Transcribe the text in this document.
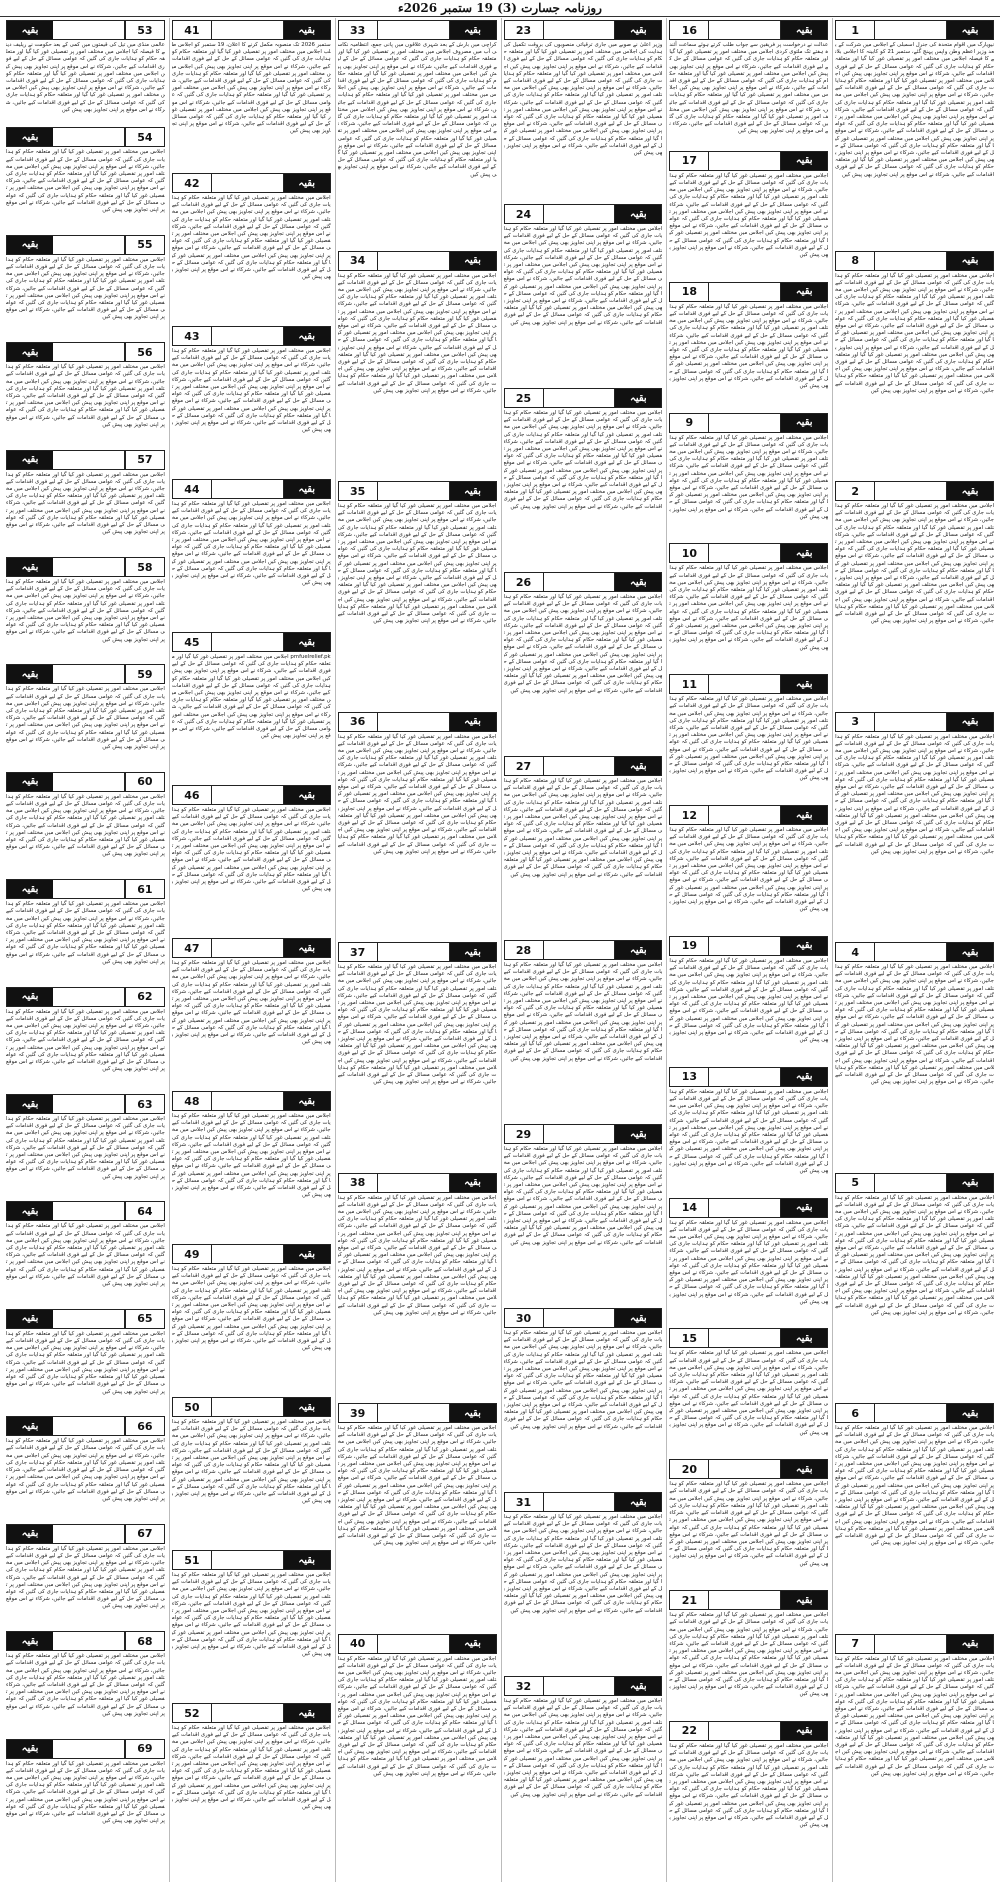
روزنامہ جسارت (3) 19 ستمبر 2026ء
بقیہ
1
نیویارک میں اقوام متحدہ کی جنرل اسمبلی کے اجلاس میں شرکت کے بعد وزیر اعظم وطن واپس پہنچ گئے، ستمبر 21 کو کابینہ کا اجلاس بلانے کا فیصلہ اجلاس میں مختلف امور پر تفصیلی غور کیا گیا اور متعلقہ حکام کو ہدایات جاری کی گئیں کہ عوامی مسائل کے حل کے لیے فوری اقدامات کیے جائیں، شرکاء نے اس موقع پر اپنی تجاویز بھی پیش کیں اجلاس میں مختلف امور پر تفصیلی غور کیا گیا اور متعلقہ حکام کو ہدایات جاری کی گئیں کہ عوامی مسائل کے حل کے لیے فوری اقدامات کیے جائیں، شرکاء نے اس موقع پر اپنی تجاویز بھی پیش کیں اجلاس میں مختلف امور پر تفصیلی غور کیا گیا اور متعلقہ حکام کو ہدایات جاری کی گئیں کہ عوامی مسائل کے حل کے لیے فوری اقدامات کیے جائیں، شرکاء نے اس موقع پر اپنی تجاویز بھی پیش کیں اجلاس میں مختلف امور پر تفصیلی غور کیا گیا اور متعلقہ حکام کو ہدایات جاری کی گئیں کہ عوامی مسائل کے حل کے لیے فوری اقدامات کیے جائیں، شرکاء نے اس موقع پر اپنی تجاویز بھی پیش کیں اجلاس میں مختلف امور پر تفصیلی غور کیا گیا اور متعلقہ حکام کو ہدایات جاری کی گئیں کہ عوامی مسائل کے حل کے لیے فوری اقدامات کیے جائیں، شرکاء نے اس موقع پر اپنی تجاویز بھی پیش کیں اجلاس میں مختلف امور پر تفصیلی غور کیا گیا اور متعلقہ حکام کو ہدایات جاری کی گئیں کہ عوامی مسائل کے حل کے لیے فوری اقدامات کیے جائیں، شرکاء نے اس موقع پر اپنی تجاویز بھی پیش کیں
بقیہ
8
اجلاس میں مختلف امور پر تفصیلی غور کیا گیا اور متعلقہ حکام کو ہدایات جاری کی گئیں کہ عوامی مسائل کے حل کے لیے فوری اقدامات کیے جائیں، شرکاء نے اس موقع پر اپنی تجاویز بھی پیش کیں اجلاس میں مختلف امور پر تفصیلی غور کیا گیا اور متعلقہ حکام کو ہدایات جاری کی گئیں کہ عوامی مسائل کے حل کے لیے فوری اقدامات کیے جائیں، شرکاء نے اس موقع پر اپنی تجاویز بھی پیش کیں اجلاس میں مختلف امور پر تفصیلی غور کیا گیا اور متعلقہ حکام کو ہدایات جاری کی گئیں کہ عوامی مسائل کے حل کے لیے فوری اقدامات کیے جائیں، شرکاء نے اس موقع پر اپنی تجاویز بھی پیش کیں اجلاس میں مختلف امور پر تفصیلی غور کیا گیا اور متعلقہ حکام کو ہدایات جاری کی گئیں کہ عوامی مسائل کے حل کے لیے فوری اقدامات کیے جائیں، شرکاء نے اس موقع پر اپنی تجاویز بھی پیش کیں اجلاس میں مختلف امور پر تفصیلی غور کیا گیا اور متعلقہ حکام کو ہدایات جاری کی گئیں کہ عوامی مسائل کے حل کے لیے فوری اقدامات کیے جائیں، شرکاء نے اس موقع پر اپنی تجاویز بھی پیش کیں اجلاس میں مختلف امور پر تفصیلی غور کیا گیا اور متعلقہ حکام کو ہدایات جاری کی گئیں کہ عوامی مسائل کے حل کے لیے فوری اقدامات کیے جائیں، شرکاء نے اس موقع پر اپنی تجاویز بھی پیش کیں
بقیہ
2
اجلاس میں مختلف امور پر تفصیلی غور کیا گیا اور متعلقہ حکام کو ہدایات جاری کی گئیں کہ عوامی مسائل کے حل کے لیے فوری اقدامات کیے جائیں، شرکاء نے اس موقع پر اپنی تجاویز بھی پیش کیں اجلاس میں مختلف امور پر تفصیلی غور کیا گیا اور متعلقہ حکام کو ہدایات جاری کی گئیں کہ عوامی مسائل کے حل کے لیے فوری اقدامات کیے جائیں، شرکاء نے اس موقع پر اپنی تجاویز بھی پیش کیں اجلاس میں مختلف امور پر تفصیلی غور کیا گیا اور متعلقہ حکام کو ہدایات جاری کی گئیں کہ عوامی مسائل کے حل کے لیے فوری اقدامات کیے جائیں، شرکاء نے اس موقع پر اپنی تجاویز بھی پیش کیں اجلاس میں مختلف امور پر تفصیلی غور کیا گیا اور متعلقہ حکام کو ہدایات جاری کی گئیں کہ عوامی مسائل کے حل کے لیے فوری اقدامات کیے جائیں، شرکاء نے اس موقع پر اپنی تجاویز بھی پیش کیں اجلاس میں مختلف امور پر تفصیلی غور کیا گیا اور متعلقہ حکام کو ہدایات جاری کی گئیں کہ عوامی مسائل کے حل کے لیے فوری اقدامات کیے جائیں، شرکاء نے اس موقع پر اپنی تجاویز بھی پیش کیں اجلاس میں مختلف امور پر تفصیلی غور کیا گیا اور متعلقہ حکام کو ہدایات جاری کی گئیں کہ عوامی مسائل کے حل کے لیے فوری اقدامات کیے جائیں، شرکاء نے اس موقع پر اپنی تجاویز بھی پیش کیں
بقیہ
3
اجلاس میں مختلف امور پر تفصیلی غور کیا گیا اور متعلقہ حکام کو ہدایات جاری کی گئیں کہ عوامی مسائل کے حل کے لیے فوری اقدامات کیے جائیں، شرکاء نے اس موقع پر اپنی تجاویز بھی پیش کیں اجلاس میں مختلف امور پر تفصیلی غور کیا گیا اور متعلقہ حکام کو ہدایات جاری کی گئیں کہ عوامی مسائل کے حل کے لیے فوری اقدامات کیے جائیں، شرکاء نے اس موقع پر اپنی تجاویز بھی پیش کیں اجلاس میں مختلف امور پر تفصیلی غور کیا گیا اور متعلقہ حکام کو ہدایات جاری کی گئیں کہ عوامی مسائل کے حل کے لیے فوری اقدامات کیے جائیں، شرکاء نے اس موقع پر اپنی تجاویز بھی پیش کیں اجلاس میں مختلف امور پر تفصیلی غور کیا گیا اور متعلقہ حکام کو ہدایات جاری کی گئیں کہ عوامی مسائل کے حل کے لیے فوری اقدامات کیے جائیں، شرکاء نے اس موقع پر اپنی تجاویز بھی پیش کیں اجلاس میں مختلف امور پر تفصیلی غور کیا گیا اور متعلقہ حکام کو ہدایات جاری کی گئیں کہ عوامی مسائل کے حل کے لیے فوری اقدامات کیے جائیں، شرکاء نے اس موقع پر اپنی تجاویز بھی پیش کیں اجلاس میں مختلف امور پر تفصیلی غور کیا گیا اور متعلقہ حکام کو ہدایات جاری کی گئیں کہ عوامی مسائل کے حل کے لیے فوری اقدامات کیے جائیں، شرکاء نے اس موقع پر اپنی تجاویز بھی پیش کیں
بقیہ
4
اجلاس میں مختلف امور پر تفصیلی غور کیا گیا اور متعلقہ حکام کو ہدایات جاری کی گئیں کہ عوامی مسائل کے حل کے لیے فوری اقدامات کیے جائیں، شرکاء نے اس موقع پر اپنی تجاویز بھی پیش کیں اجلاس میں مختلف امور پر تفصیلی غور کیا گیا اور متعلقہ حکام کو ہدایات جاری کی گئیں کہ عوامی مسائل کے حل کے لیے فوری اقدامات کیے جائیں، شرکاء نے اس موقع پر اپنی تجاویز بھی پیش کیں اجلاس میں مختلف امور پر تفصیلی غور کیا گیا اور متعلقہ حکام کو ہدایات جاری کی گئیں کہ عوامی مسائل کے حل کے لیے فوری اقدامات کیے جائیں، شرکاء نے اس موقع پر اپنی تجاویز بھی پیش کیں اجلاس میں مختلف امور پر تفصیلی غور کیا گیا اور متعلقہ حکام کو ہدایات جاری کی گئیں کہ عوامی مسائل کے حل کے لیے فوری اقدامات کیے جائیں، شرکاء نے اس موقع پر اپنی تجاویز بھی پیش کیں اجلاس میں مختلف امور پر تفصیلی غور کیا گیا اور متعلقہ حکام کو ہدایات جاری کی گئیں کہ عوامی مسائل کے حل کے لیے فوری اقدامات کیے جائیں، شرکاء نے اس موقع پر اپنی تجاویز بھی پیش کیں اجلاس میں مختلف امور پر تفصیلی غور کیا گیا اور متعلقہ حکام کو ہدایات جاری کی گئیں کہ عوامی مسائل کے حل کے لیے فوری اقدامات کیے جائیں، شرکاء نے اس موقع پر اپنی تجاویز بھی پیش کیں
بقیہ
5
اجلاس میں مختلف امور پر تفصیلی غور کیا گیا اور متعلقہ حکام کو ہدایات جاری کی گئیں کہ عوامی مسائل کے حل کے لیے فوری اقدامات کیے جائیں، شرکاء نے اس موقع پر اپنی تجاویز بھی پیش کیں اجلاس میں مختلف امور پر تفصیلی غور کیا گیا اور متعلقہ حکام کو ہدایات جاری کی گئیں کہ عوامی مسائل کے حل کے لیے فوری اقدامات کیے جائیں، شرکاء نے اس موقع پر اپنی تجاویز بھی پیش کیں اجلاس میں مختلف امور پر تفصیلی غور کیا گیا اور متعلقہ حکام کو ہدایات جاری کی گئیں کہ عوامی مسائل کے حل کے لیے فوری اقدامات کیے جائیں، شرکاء نے اس موقع پر اپنی تجاویز بھی پیش کیں اجلاس میں مختلف امور پر تفصیلی غور کیا گیا اور متعلقہ حکام کو ہدایات جاری کی گئیں کہ عوامی مسائل کے حل کے لیے فوری اقدامات کیے جائیں، شرکاء نے اس موقع پر اپنی تجاویز بھی پیش کیں اجلاس میں مختلف امور پر تفصیلی غور کیا گیا اور متعلقہ حکام کو ہدایات جاری کی گئیں کہ عوامی مسائل کے حل کے لیے فوری اقدامات کیے جائیں، شرکاء نے اس موقع پر اپنی تجاویز بھی پیش کیں اجلاس میں مختلف امور پر تفصیلی غور کیا گیا اور متعلقہ حکام کو ہدایات جاری کی گئیں کہ عوامی مسائل کے حل کے لیے فوری اقدامات کیے جائیں، شرکاء نے اس موقع پر اپنی تجاویز بھی پیش کیں
بقیہ
6
اجلاس میں مختلف امور پر تفصیلی غور کیا گیا اور متعلقہ حکام کو ہدایات جاری کی گئیں کہ عوامی مسائل کے حل کے لیے فوری اقدامات کیے جائیں، شرکاء نے اس موقع پر اپنی تجاویز بھی پیش کیں اجلاس میں مختلف امور پر تفصیلی غور کیا گیا اور متعلقہ حکام کو ہدایات جاری کی گئیں کہ عوامی مسائل کے حل کے لیے فوری اقدامات کیے جائیں، شرکاء نے اس موقع پر اپنی تجاویز بھی پیش کیں اجلاس میں مختلف امور پر تفصیلی غور کیا گیا اور متعلقہ حکام کو ہدایات جاری کی گئیں کہ عوامی مسائل کے حل کے لیے فوری اقدامات کیے جائیں، شرکاء نے اس موقع پر اپنی تجاویز بھی پیش کیں اجلاس میں مختلف امور پر تفصیلی غور کیا گیا اور متعلقہ حکام کو ہدایات جاری کی گئیں کہ عوامی مسائل کے حل کے لیے فوری اقدامات کیے جائیں، شرکاء نے اس موقع پر اپنی تجاویز بھی پیش کیں اجلاس میں مختلف امور پر تفصیلی غور کیا گیا اور متعلقہ حکام کو ہدایات جاری کی گئیں کہ عوامی مسائل کے حل کے لیے فوری اقدامات کیے جائیں، شرکاء نے اس موقع پر اپنی تجاویز بھی پیش کیں اجلاس میں مختلف امور پر تفصیلی غور کیا گیا اور متعلقہ حکام کو ہدایات جاری کی گئیں کہ عوامی مسائل کے حل کے لیے فوری اقدامات کیے جائیں، شرکاء نے اس موقع پر اپنی تجاویز بھی پیش کیں
بقیہ
7
اجلاس میں مختلف امور پر تفصیلی غور کیا گیا اور متعلقہ حکام کو ہدایات جاری کی گئیں کہ عوامی مسائل کے حل کے لیے فوری اقدامات کیے جائیں، شرکاء نے اس موقع پر اپنی تجاویز بھی پیش کیں اجلاس میں مختلف امور پر تفصیلی غور کیا گیا اور متعلقہ حکام کو ہدایات جاری کی گئیں کہ عوامی مسائل کے حل کے لیے فوری اقدامات کیے جائیں، شرکاء نے اس موقع پر اپنی تجاویز بھی پیش کیں اجلاس میں مختلف امور پر تفصیلی غور کیا گیا اور متعلقہ حکام کو ہدایات جاری کی گئیں کہ عوامی مسائل کے حل کے لیے فوری اقدامات کیے جائیں، شرکاء نے اس موقع پر اپنی تجاویز بھی پیش کیں اجلاس میں مختلف امور پر تفصیلی غور کیا گیا اور متعلقہ حکام کو ہدایات جاری کی گئیں کہ عوامی مسائل کے حل کے لیے فوری اقدامات کیے جائیں، شرکاء نے اس موقع پر اپنی تجاویز بھی پیش کیں اجلاس میں مختلف امور پر تفصیلی غور کیا گیا اور متعلقہ حکام کو ہدایات جاری کی گئیں کہ عوامی مسائل کے حل کے لیے فوری اقدامات کیے جائیں، شرکاء نے اس موقع پر اپنی تجاویز بھی پیش کیں اجلاس میں مختلف امور پر تفصیلی غور کیا گیا اور متعلقہ حکام کو ہدایات جاری کی گئیں کہ عوامی مسائل کے حل کے لیے فوری اقدامات کیے جائیں، شرکاء نے اس موقع پر اپنی تجاویز بھی پیش کیں
بقیہ
16
عدالت نے درخواست پر فریقین سے جواب طلب کرتے ہوئے سماعت آئندہ ہفتے تک ملتوی کردی اجلاس میں مختلف امور پر تفصیلی غور کیا گیا اور متعلقہ حکام کو ہدایات جاری کی گئیں کہ عوامی مسائل کے حل کے لیے فوری اقدامات کیے جائیں، شرکاء نے اس موقع پر اپنی تجاویز بھی پیش کیں اجلاس میں مختلف امور پر تفصیلی غور کیا گیا اور متعلقہ حکام کو ہدایات جاری کی گئیں کہ عوامی مسائل کے حل کے لیے فوری اقدامات کیے جائیں، شرکاء نے اس موقع پر اپنی تجاویز بھی پیش کیں اجلاس میں مختلف امور پر تفصیلی غور کیا گیا اور متعلقہ حکام کو ہدایات جاری کی گئیں کہ عوامی مسائل کے حل کے لیے فوری اقدامات کیے جائیں، شرکاء نے اس موقع پر اپنی تجاویز بھی پیش کیں اجلاس میں مختلف امور پر تفصیلی غور کیا گیا اور متعلقہ حکام کو ہدایات جاری کی گئیں کہ عوامی مسائل کے حل کے لیے فوری اقدامات کیے جائیں، شرکاء نے اس موقع پر اپنی تجاویز بھی پیش کیں
بقیہ
17
اجلاس میں مختلف امور پر تفصیلی غور کیا گیا اور متعلقہ حکام کو ہدایات جاری کی گئیں کہ عوامی مسائل کے حل کے لیے فوری اقدامات کیے جائیں، شرکاء نے اس موقع پر اپنی تجاویز بھی پیش کیں اجلاس میں مختلف امور پر تفصیلی غور کیا گیا اور متعلقہ حکام کو ہدایات جاری کی گئیں کہ عوامی مسائل کے حل کے لیے فوری اقدامات کیے جائیں، شرکاء نے اس موقع پر اپنی تجاویز بھی پیش کیں اجلاس میں مختلف امور پر تفصیلی غور کیا گیا اور متعلقہ حکام کو ہدایات جاری کی گئیں کہ عوامی مسائل کے حل کے لیے فوری اقدامات کیے جائیں، شرکاء نے اس موقع پر اپنی تجاویز بھی پیش کیں اجلاس میں مختلف امور پر تفصیلی غور کیا گیا اور متعلقہ حکام کو ہدایات جاری کی گئیں کہ عوامی مسائل کے حل کے لیے فوری اقدامات کیے جائیں، شرکاء نے اس موقع پر اپنی تجاویز بھی پیش کیں
بقیہ
18
اجلاس میں مختلف امور پر تفصیلی غور کیا گیا اور متعلقہ حکام کو ہدایات جاری کی گئیں کہ عوامی مسائل کے حل کے لیے فوری اقدامات کیے جائیں، شرکاء نے اس موقع پر اپنی تجاویز بھی پیش کیں اجلاس میں مختلف امور پر تفصیلی غور کیا گیا اور متعلقہ حکام کو ہدایات جاری کی گئیں کہ عوامی مسائل کے حل کے لیے فوری اقدامات کیے جائیں، شرکاء نے اس موقع پر اپنی تجاویز بھی پیش کیں اجلاس میں مختلف امور پر تفصیلی غور کیا گیا اور متعلقہ حکام کو ہدایات جاری کی گئیں کہ عوامی مسائل کے حل کے لیے فوری اقدامات کیے جائیں، شرکاء نے اس موقع پر اپنی تجاویز بھی پیش کیں اجلاس میں مختلف امور پر تفصیلی غور کیا گیا اور متعلقہ حکام کو ہدایات جاری کی گئیں کہ عوامی مسائل کے حل کے لیے فوری اقدامات کیے جائیں، شرکاء نے اس موقع پر اپنی تجاویز بھی پیش کیں
بقیہ
9
اجلاس میں مختلف امور پر تفصیلی غور کیا گیا اور متعلقہ حکام کو ہدایات جاری کی گئیں کہ عوامی مسائل کے حل کے لیے فوری اقدامات کیے جائیں، شرکاء نے اس موقع پر اپنی تجاویز بھی پیش کیں اجلاس میں مختلف امور پر تفصیلی غور کیا گیا اور متعلقہ حکام کو ہدایات جاری کی گئیں کہ عوامی مسائل کے حل کے لیے فوری اقدامات کیے جائیں، شرکاء نے اس موقع پر اپنی تجاویز بھی پیش کیں اجلاس میں مختلف امور پر تفصیلی غور کیا گیا اور متعلقہ حکام کو ہدایات جاری کی گئیں کہ عوامی مسائل کے حل کے لیے فوری اقدامات کیے جائیں، شرکاء نے اس موقع پر اپنی تجاویز بھی پیش کیں اجلاس میں مختلف امور پر تفصیلی غور کیا گیا اور متعلقہ حکام کو ہدایات جاری کی گئیں کہ عوامی مسائل کے حل کے لیے فوری اقدامات کیے جائیں، شرکاء نے اس موقع پر اپنی تجاویز بھی پیش کیں
بقیہ
10
اجلاس میں مختلف امور پر تفصیلی غور کیا گیا اور متعلقہ حکام کو ہدایات جاری کی گئیں کہ عوامی مسائل کے حل کے لیے فوری اقدامات کیے جائیں، شرکاء نے اس موقع پر اپنی تجاویز بھی پیش کیں اجلاس میں مختلف امور پر تفصیلی غور کیا گیا اور متعلقہ حکام کو ہدایات جاری کی گئیں کہ عوامی مسائل کے حل کے لیے فوری اقدامات کیے جائیں، شرکاء نے اس موقع پر اپنی تجاویز بھی پیش کیں اجلاس میں مختلف امور پر تفصیلی غور کیا گیا اور متعلقہ حکام کو ہدایات جاری کی گئیں کہ عوامی مسائل کے حل کے لیے فوری اقدامات کیے جائیں، شرکاء نے اس موقع پر اپنی تجاویز بھی پیش کیں اجلاس میں مختلف امور پر تفصیلی غور کیا گیا اور متعلقہ حکام کو ہدایات جاری کی گئیں کہ عوامی مسائل کے حل کے لیے فوری اقدامات کیے جائیں، شرکاء نے اس موقع پر اپنی تجاویز بھی پیش کیں
بقیہ
11
اجلاس میں مختلف امور پر تفصیلی غور کیا گیا اور متعلقہ حکام کو ہدایات جاری کی گئیں کہ عوامی مسائل کے حل کے لیے فوری اقدامات کیے جائیں، شرکاء نے اس موقع پر اپنی تجاویز بھی پیش کیں اجلاس میں مختلف امور پر تفصیلی غور کیا گیا اور متعلقہ حکام کو ہدایات جاری کی گئیں کہ عوامی مسائل کے حل کے لیے فوری اقدامات کیے جائیں، شرکاء نے اس موقع پر اپنی تجاویز بھی پیش کیں اجلاس میں مختلف امور پر تفصیلی غور کیا گیا اور متعلقہ حکام کو ہدایات جاری کی گئیں کہ عوامی مسائل کے حل کے لیے فوری اقدامات کیے جائیں، شرکاء نے اس موقع پر اپنی تجاویز بھی پیش کیں اجلاس میں مختلف امور پر تفصیلی غور کیا گیا اور متعلقہ حکام کو ہدایات جاری کی گئیں کہ عوامی مسائل کے حل کے لیے فوری اقدامات کیے جائیں، شرکاء نے اس موقع پر اپنی تجاویز بھی پیش کیں
بقیہ
12
اجلاس میں مختلف امور پر تفصیلی غور کیا گیا اور متعلقہ حکام کو ہدایات جاری کی گئیں کہ عوامی مسائل کے حل کے لیے فوری اقدامات کیے جائیں، شرکاء نے اس موقع پر اپنی تجاویز بھی پیش کیں اجلاس میں مختلف امور پر تفصیلی غور کیا گیا اور متعلقہ حکام کو ہدایات جاری کی گئیں کہ عوامی مسائل کے حل کے لیے فوری اقدامات کیے جائیں، شرکاء نے اس موقع پر اپنی تجاویز بھی پیش کیں اجلاس میں مختلف امور پر تفصیلی غور کیا گیا اور متعلقہ حکام کو ہدایات جاری کی گئیں کہ عوامی مسائل کے حل کے لیے فوری اقدامات کیے جائیں، شرکاء نے اس موقع پر اپنی تجاویز بھی پیش کیں اجلاس میں مختلف امور پر تفصیلی غور کیا گیا اور متعلقہ حکام کو ہدایات جاری کی گئیں کہ عوامی مسائل کے حل کے لیے فوری اقدامات کیے جائیں، شرکاء نے اس موقع پر اپنی تجاویز بھی پیش کیں
بقیہ
19
اجلاس میں مختلف امور پر تفصیلی غور کیا گیا اور متعلقہ حکام کو ہدایات جاری کی گئیں کہ عوامی مسائل کے حل کے لیے فوری اقدامات کیے جائیں، شرکاء نے اس موقع پر اپنی تجاویز بھی پیش کیں اجلاس میں مختلف امور پر تفصیلی غور کیا گیا اور متعلقہ حکام کو ہدایات جاری کی گئیں کہ عوامی مسائل کے حل کے لیے فوری اقدامات کیے جائیں، شرکاء نے اس موقع پر اپنی تجاویز بھی پیش کیں اجلاس میں مختلف امور پر تفصیلی غور کیا گیا اور متعلقہ حکام کو ہدایات جاری کی گئیں کہ عوامی مسائل کے حل کے لیے فوری اقدامات کیے جائیں، شرکاء نے اس موقع پر اپنی تجاویز بھی پیش کیں اجلاس میں مختلف امور پر تفصیلی غور کیا گیا اور متعلقہ حکام کو ہدایات جاری کی گئیں کہ عوامی مسائل کے حل کے لیے فوری اقدامات کیے جائیں، شرکاء نے اس موقع پر اپنی تجاویز بھی پیش کیں
بقیہ
13
اجلاس میں مختلف امور پر تفصیلی غور کیا گیا اور متعلقہ حکام کو ہدایات جاری کی گئیں کہ عوامی مسائل کے حل کے لیے فوری اقدامات کیے جائیں، شرکاء نے اس موقع پر اپنی تجاویز بھی پیش کیں اجلاس میں مختلف امور پر تفصیلی غور کیا گیا اور متعلقہ حکام کو ہدایات جاری کی گئیں کہ عوامی مسائل کے حل کے لیے فوری اقدامات کیے جائیں، شرکاء نے اس موقع پر اپنی تجاویز بھی پیش کیں اجلاس میں مختلف امور پر تفصیلی غور کیا گیا اور متعلقہ حکام کو ہدایات جاری کی گئیں کہ عوامی مسائل کے حل کے لیے فوری اقدامات کیے جائیں، شرکاء نے اس موقع پر اپنی تجاویز بھی پیش کیں اجلاس میں مختلف امور پر تفصیلی غور کیا گیا اور متعلقہ حکام کو ہدایات جاری کی گئیں کہ عوامی مسائل کے حل کے لیے فوری اقدامات کیے جائیں، شرکاء نے اس موقع پر اپنی تجاویز بھی پیش کیں
بقیہ
14
اجلاس میں مختلف امور پر تفصیلی غور کیا گیا اور متعلقہ حکام کو ہدایات جاری کی گئیں کہ عوامی مسائل کے حل کے لیے فوری اقدامات کیے جائیں، شرکاء نے اس موقع پر اپنی تجاویز بھی پیش کیں اجلاس میں مختلف امور پر تفصیلی غور کیا گیا اور متعلقہ حکام کو ہدایات جاری کی گئیں کہ عوامی مسائل کے حل کے لیے فوری اقدامات کیے جائیں، شرکاء نے اس موقع پر اپنی تجاویز بھی پیش کیں اجلاس میں مختلف امور پر تفصیلی غور کیا گیا اور متعلقہ حکام کو ہدایات جاری کی گئیں کہ عوامی مسائل کے حل کے لیے فوری اقدامات کیے جائیں، شرکاء نے اس موقع پر اپنی تجاویز بھی پیش کیں اجلاس میں مختلف امور پر تفصیلی غور کیا گیا اور متعلقہ حکام کو ہدایات جاری کی گئیں کہ عوامی مسائل کے حل کے لیے فوری اقدامات کیے جائیں، شرکاء نے اس موقع پر اپنی تجاویز بھی پیش کیں
بقیہ
15
اجلاس میں مختلف امور پر تفصیلی غور کیا گیا اور متعلقہ حکام کو ہدایات جاری کی گئیں کہ عوامی مسائل کے حل کے لیے فوری اقدامات کیے جائیں، شرکاء نے اس موقع پر اپنی تجاویز بھی پیش کیں اجلاس میں مختلف امور پر تفصیلی غور کیا گیا اور متعلقہ حکام کو ہدایات جاری کی گئیں کہ عوامی مسائل کے حل کے لیے فوری اقدامات کیے جائیں، شرکاء نے اس موقع پر اپنی تجاویز بھی پیش کیں اجلاس میں مختلف امور پر تفصیلی غور کیا گیا اور متعلقہ حکام کو ہدایات جاری کی گئیں کہ عوامی مسائل کے حل کے لیے فوری اقدامات کیے جائیں، شرکاء نے اس موقع پر اپنی تجاویز بھی پیش کیں اجلاس میں مختلف امور پر تفصیلی غور کیا گیا اور متعلقہ حکام کو ہدایات جاری کی گئیں کہ عوامی مسائل کے حل کے لیے فوری اقدامات کیے جائیں، شرکاء نے اس موقع پر اپنی تجاویز بھی پیش کیں
بقیہ
20
اجلاس میں مختلف امور پر تفصیلی غور کیا گیا اور متعلقہ حکام کو ہدایات جاری کی گئیں کہ عوامی مسائل کے حل کے لیے فوری اقدامات کیے جائیں، شرکاء نے اس موقع پر اپنی تجاویز بھی پیش کیں اجلاس میں مختلف امور پر تفصیلی غور کیا گیا اور متعلقہ حکام کو ہدایات جاری کی گئیں کہ عوامی مسائل کے حل کے لیے فوری اقدامات کیے جائیں، شرکاء نے اس موقع پر اپنی تجاویز بھی پیش کیں اجلاس میں مختلف امور پر تفصیلی غور کیا گیا اور متعلقہ حکام کو ہدایات جاری کی گئیں کہ عوامی مسائل کے حل کے لیے فوری اقدامات کیے جائیں، شرکاء نے اس موقع پر اپنی تجاویز بھی پیش کیں اجلاس میں مختلف امور پر تفصیلی غور کیا گیا اور متعلقہ حکام کو ہدایات جاری کی گئیں کہ عوامی مسائل کے حل کے لیے فوری اقدامات کیے جائیں، شرکاء نے اس موقع پر اپنی تجاویز بھی پیش کیں
بقیہ
21
اجلاس میں مختلف امور پر تفصیلی غور کیا گیا اور متعلقہ حکام کو ہدایات جاری کی گئیں کہ عوامی مسائل کے حل کے لیے فوری اقدامات کیے جائیں، شرکاء نے اس موقع پر اپنی تجاویز بھی پیش کیں اجلاس میں مختلف امور پر تفصیلی غور کیا گیا اور متعلقہ حکام کو ہدایات جاری کی گئیں کہ عوامی مسائل کے حل کے لیے فوری اقدامات کیے جائیں، شرکاء نے اس موقع پر اپنی تجاویز بھی پیش کیں اجلاس میں مختلف امور پر تفصیلی غور کیا گیا اور متعلقہ حکام کو ہدایات جاری کی گئیں کہ عوامی مسائل کے حل کے لیے فوری اقدامات کیے جائیں، شرکاء نے اس موقع پر اپنی تجاویز بھی پیش کیں اجلاس میں مختلف امور پر تفصیلی غور کیا گیا اور متعلقہ حکام کو ہدایات جاری کی گئیں کہ عوامی مسائل کے حل کے لیے فوری اقدامات کیے جائیں، شرکاء نے اس موقع پر اپنی تجاویز بھی پیش کیں
بقیہ
22
اجلاس میں مختلف امور پر تفصیلی غور کیا گیا اور متعلقہ حکام کو ہدایات جاری کی گئیں کہ عوامی مسائل کے حل کے لیے فوری اقدامات کیے جائیں، شرکاء نے اس موقع پر اپنی تجاویز بھی پیش کیں اجلاس میں مختلف امور پر تفصیلی غور کیا گیا اور متعلقہ حکام کو ہدایات جاری کی گئیں کہ عوامی مسائل کے حل کے لیے فوری اقدامات کیے جائیں، شرکاء نے اس موقع پر اپنی تجاویز بھی پیش کیں اجلاس میں مختلف امور پر تفصیلی غور کیا گیا اور متعلقہ حکام کو ہدایات جاری کی گئیں کہ عوامی مسائل کے حل کے لیے فوری اقدامات کیے جائیں، شرکاء نے اس موقع پر اپنی تجاویز بھی پیش کیں اجلاس میں مختلف امور پر تفصیلی غور کیا گیا اور متعلقہ حکام کو ہدایات جاری کی گئیں کہ عوامی مسائل کے حل کے لیے فوری اقدامات کیے جائیں، شرکاء نے اس موقع پر اپنی تجاویز بھی پیش کیں
بقیہ
23
وزیر اعلیٰ نے صوبے میں جاری ترقیاتی منصوبوں کی بروقت تکمیل کی ہدایت کی اجلاس میں مختلف امور پر تفصیلی غور کیا گیا اور متعلقہ حکام کو ہدایات جاری کی گئیں کہ عوامی مسائل کے حل کے لیے فوری اقدامات کیے جائیں، شرکاء نے اس موقع پر اپنی تجاویز بھی پیش کیں اجلاس میں مختلف امور پر تفصیلی غور کیا گیا اور متعلقہ حکام کو ہدایات جاری کی گئیں کہ عوامی مسائل کے حل کے لیے فوری اقدامات کیے جائیں، شرکاء نے اس موقع پر اپنی تجاویز بھی پیش کیں اجلاس میں مختلف امور پر تفصیلی غور کیا گیا اور متعلقہ حکام کو ہدایات جاری کی گئیں کہ عوامی مسائل کے حل کے لیے فوری اقدامات کیے جائیں، شرکاء نے اس موقع پر اپنی تجاویز بھی پیش کیں اجلاس میں مختلف امور پر تفصیلی غور کیا گیا اور متعلقہ حکام کو ہدایات جاری کی گئیں کہ عوامی مسائل کے حل کے لیے فوری اقدامات کیے جائیں، شرکاء نے اس موقع پر اپنی تجاویز بھی پیش کیں اجلاس میں مختلف امور پر تفصیلی غور کیا گیا اور متعلقہ حکام کو ہدایات جاری کی گئیں کہ عوامی مسائل کے حل کے لیے فوری اقدامات کیے جائیں، شرکاء نے اس موقع پر اپنی تجاویز بھی پیش کیں
بقیہ
24
اجلاس میں مختلف امور پر تفصیلی غور کیا گیا اور متعلقہ حکام کو ہدایات جاری کی گئیں کہ عوامی مسائل کے حل کے لیے فوری اقدامات کیے جائیں، شرکاء نے اس موقع پر اپنی تجاویز بھی پیش کیں اجلاس میں مختلف امور پر تفصیلی غور کیا گیا اور متعلقہ حکام کو ہدایات جاری کی گئیں کہ عوامی مسائل کے حل کے لیے فوری اقدامات کیے جائیں، شرکاء نے اس موقع پر اپنی تجاویز بھی پیش کیں اجلاس میں مختلف امور پر تفصیلی غور کیا گیا اور متعلقہ حکام کو ہدایات جاری کی گئیں کہ عوامی مسائل کے حل کے لیے فوری اقدامات کیے جائیں، شرکاء نے اس موقع پر اپنی تجاویز بھی پیش کیں اجلاس میں مختلف امور پر تفصیلی غور کیا گیا اور متعلقہ حکام کو ہدایات جاری کی گئیں کہ عوامی مسائل کے حل کے لیے فوری اقدامات کیے جائیں، شرکاء نے اس موقع پر اپنی تجاویز بھی پیش کیں اجلاس میں مختلف امور پر تفصیلی غور کیا گیا اور متعلقہ حکام کو ہدایات جاری کی گئیں کہ عوامی مسائل کے حل کے لیے فوری اقدامات کیے جائیں، شرکاء نے اس موقع پر اپنی تجاویز بھی پیش کیں
بقیہ
25
اجلاس میں مختلف امور پر تفصیلی غور کیا گیا اور متعلقہ حکام کو ہدایات جاری کی گئیں کہ عوامی مسائل کے حل کے لیے فوری اقدامات کیے جائیں، شرکاء نے اس موقع پر اپنی تجاویز بھی پیش کیں اجلاس میں مختلف امور پر تفصیلی غور کیا گیا اور متعلقہ حکام کو ہدایات جاری کی گئیں کہ عوامی مسائل کے حل کے لیے فوری اقدامات کیے جائیں، شرکاء نے اس موقع پر اپنی تجاویز بھی پیش کیں اجلاس میں مختلف امور پر تفصیلی غور کیا گیا اور متعلقہ حکام کو ہدایات جاری کی گئیں کہ عوامی مسائل کے حل کے لیے فوری اقدامات کیے جائیں، شرکاء نے اس موقع پر اپنی تجاویز بھی پیش کیں اجلاس میں مختلف امور پر تفصیلی غور کیا گیا اور متعلقہ حکام کو ہدایات جاری کی گئیں کہ عوامی مسائل کے حل کے لیے فوری اقدامات کیے جائیں، شرکاء نے اس موقع پر اپنی تجاویز بھی پیش کیں اجلاس میں مختلف امور پر تفصیلی غور کیا گیا اور متعلقہ حکام کو ہدایات جاری کی گئیں کہ عوامی مسائل کے حل کے لیے فوری اقدامات کیے جائیں، شرکاء نے اس موقع پر اپنی تجاویز بھی پیش کیں
بقیہ
26
اجلاس میں مختلف امور پر تفصیلی غور کیا گیا اور متعلقہ حکام کو ہدایات جاری کی گئیں کہ عوامی مسائل کے حل کے لیے فوری اقدامات کیے جائیں، شرکاء نے اس موقع پر اپنی تجاویز بھی پیش کیں اجلاس میں مختلف امور پر تفصیلی غور کیا گیا اور متعلقہ حکام کو ہدایات جاری کی گئیں کہ عوامی مسائل کے حل کے لیے فوری اقدامات کیے جائیں، شرکاء نے اس موقع پر اپنی تجاویز بھی پیش کیں اجلاس میں مختلف امور پر تفصیلی غور کیا گیا اور متعلقہ حکام کو ہدایات جاری کی گئیں کہ عوامی مسائل کے حل کے لیے فوری اقدامات کیے جائیں، شرکاء نے اس موقع پر اپنی تجاویز بھی پیش کیں اجلاس میں مختلف امور پر تفصیلی غور کیا گیا اور متعلقہ حکام کو ہدایات جاری کی گئیں کہ عوامی مسائل کے حل کے لیے فوری اقدامات کیے جائیں، شرکاء نے اس موقع پر اپنی تجاویز بھی پیش کیں اجلاس میں مختلف امور پر تفصیلی غور کیا گیا اور متعلقہ حکام کو ہدایات جاری کی گئیں کہ عوامی مسائل کے حل کے لیے فوری اقدامات کیے جائیں، شرکاء نے اس موقع پر اپنی تجاویز بھی پیش کیں
بقیہ
27
اجلاس میں مختلف امور پر تفصیلی غور کیا گیا اور متعلقہ حکام کو ہدایات جاری کی گئیں کہ عوامی مسائل کے حل کے لیے فوری اقدامات کیے جائیں، شرکاء نے اس موقع پر اپنی تجاویز بھی پیش کیں اجلاس میں مختلف امور پر تفصیلی غور کیا گیا اور متعلقہ حکام کو ہدایات جاری کی گئیں کہ عوامی مسائل کے حل کے لیے فوری اقدامات کیے جائیں، شرکاء نے اس موقع پر اپنی تجاویز بھی پیش کیں اجلاس میں مختلف امور پر تفصیلی غور کیا گیا اور متعلقہ حکام کو ہدایات جاری کی گئیں کہ عوامی مسائل کے حل کے لیے فوری اقدامات کیے جائیں، شرکاء نے اس موقع پر اپنی تجاویز بھی پیش کیں اجلاس میں مختلف امور پر تفصیلی غور کیا گیا اور متعلقہ حکام کو ہدایات جاری کی گئیں کہ عوامی مسائل کے حل کے لیے فوری اقدامات کیے جائیں، شرکاء نے اس موقع پر اپنی تجاویز بھی پیش کیں اجلاس میں مختلف امور پر تفصیلی غور کیا گیا اور متعلقہ حکام کو ہدایات جاری کی گئیں کہ عوامی مسائل کے حل کے لیے فوری اقدامات کیے جائیں، شرکاء نے اس موقع پر اپنی تجاویز بھی پیش کیں
بقیہ
28
اجلاس میں مختلف امور پر تفصیلی غور کیا گیا اور متعلقہ حکام کو ہدایات جاری کی گئیں کہ عوامی مسائل کے حل کے لیے فوری اقدامات کیے جائیں، شرکاء نے اس موقع پر اپنی تجاویز بھی پیش کیں اجلاس میں مختلف امور پر تفصیلی غور کیا گیا اور متعلقہ حکام کو ہدایات جاری کی گئیں کہ عوامی مسائل کے حل کے لیے فوری اقدامات کیے جائیں، شرکاء نے اس موقع پر اپنی تجاویز بھی پیش کیں اجلاس میں مختلف امور پر تفصیلی غور کیا گیا اور متعلقہ حکام کو ہدایات جاری کی گئیں کہ عوامی مسائل کے حل کے لیے فوری اقدامات کیے جائیں، شرکاء نے اس موقع پر اپنی تجاویز بھی پیش کیں اجلاس میں مختلف امور پر تفصیلی غور کیا گیا اور متعلقہ حکام کو ہدایات جاری کی گئیں کہ عوامی مسائل کے حل کے لیے فوری اقدامات کیے جائیں، شرکاء نے اس موقع پر اپنی تجاویز بھی پیش کیں اجلاس میں مختلف امور پر تفصیلی غور کیا گیا اور متعلقہ حکام کو ہدایات جاری کی گئیں کہ عوامی مسائل کے حل کے لیے فوری اقدامات کیے جائیں، شرکاء نے اس موقع پر اپنی تجاویز بھی پیش کیں
بقیہ
29
اجلاس میں مختلف امور پر تفصیلی غور کیا گیا اور متعلقہ حکام کو ہدایات جاری کی گئیں کہ عوامی مسائل کے حل کے لیے فوری اقدامات کیے جائیں، شرکاء نے اس موقع پر اپنی تجاویز بھی پیش کیں اجلاس میں مختلف امور پر تفصیلی غور کیا گیا اور متعلقہ حکام کو ہدایات جاری کی گئیں کہ عوامی مسائل کے حل کے لیے فوری اقدامات کیے جائیں، شرکاء نے اس موقع پر اپنی تجاویز بھی پیش کیں اجلاس میں مختلف امور پر تفصیلی غور کیا گیا اور متعلقہ حکام کو ہدایات جاری کی گئیں کہ عوامی مسائل کے حل کے لیے فوری اقدامات کیے جائیں، شرکاء نے اس موقع پر اپنی تجاویز بھی پیش کیں اجلاس میں مختلف امور پر تفصیلی غور کیا گیا اور متعلقہ حکام کو ہدایات جاری کی گئیں کہ عوامی مسائل کے حل کے لیے فوری اقدامات کیے جائیں، شرکاء نے اس موقع پر اپنی تجاویز بھی پیش کیں اجلاس میں مختلف امور پر تفصیلی غور کیا گیا اور متعلقہ حکام کو ہدایات جاری کی گئیں کہ عوامی مسائل کے حل کے لیے فوری اقدامات کیے جائیں، شرکاء نے اس موقع پر اپنی تجاویز بھی پیش کیں
بقیہ
30
اجلاس میں مختلف امور پر تفصیلی غور کیا گیا اور متعلقہ حکام کو ہدایات جاری کی گئیں کہ عوامی مسائل کے حل کے لیے فوری اقدامات کیے جائیں، شرکاء نے اس موقع پر اپنی تجاویز بھی پیش کیں اجلاس میں مختلف امور پر تفصیلی غور کیا گیا اور متعلقہ حکام کو ہدایات جاری کی گئیں کہ عوامی مسائل کے حل کے لیے فوری اقدامات کیے جائیں، شرکاء نے اس موقع پر اپنی تجاویز بھی پیش کیں اجلاس میں مختلف امور پر تفصیلی غور کیا گیا اور متعلقہ حکام کو ہدایات جاری کی گئیں کہ عوامی مسائل کے حل کے لیے فوری اقدامات کیے جائیں، شرکاء نے اس موقع پر اپنی تجاویز بھی پیش کیں اجلاس میں مختلف امور پر تفصیلی غور کیا گیا اور متعلقہ حکام کو ہدایات جاری کی گئیں کہ عوامی مسائل کے حل کے لیے فوری اقدامات کیے جائیں، شرکاء نے اس موقع پر اپنی تجاویز بھی پیش کیں اجلاس میں مختلف امور پر تفصیلی غور کیا گیا اور متعلقہ حکام کو ہدایات جاری کی گئیں کہ عوامی مسائل کے حل کے لیے فوری اقدامات کیے جائیں، شرکاء نے اس موقع پر اپنی تجاویز بھی پیش کیں
بقیہ
31
اجلاس میں مختلف امور پر تفصیلی غور کیا گیا اور متعلقہ حکام کو ہدایات جاری کی گئیں کہ عوامی مسائل کے حل کے لیے فوری اقدامات کیے جائیں، شرکاء نے اس موقع پر اپنی تجاویز بھی پیش کیں اجلاس میں مختلف امور پر تفصیلی غور کیا گیا اور متعلقہ حکام کو ہدایات جاری کی گئیں کہ عوامی مسائل کے حل کے لیے فوری اقدامات کیے جائیں، شرکاء نے اس موقع پر اپنی تجاویز بھی پیش کیں اجلاس میں مختلف امور پر تفصیلی غور کیا گیا اور متعلقہ حکام کو ہدایات جاری کی گئیں کہ عوامی مسائل کے حل کے لیے فوری اقدامات کیے جائیں، شرکاء نے اس موقع پر اپنی تجاویز بھی پیش کیں اجلاس میں مختلف امور پر تفصیلی غور کیا گیا اور متعلقہ حکام کو ہدایات جاری کی گئیں کہ عوامی مسائل کے حل کے لیے فوری اقدامات کیے جائیں، شرکاء نے اس موقع پر اپنی تجاویز بھی پیش کیں اجلاس میں مختلف امور پر تفصیلی غور کیا گیا اور متعلقہ حکام کو ہدایات جاری کی گئیں کہ عوامی مسائل کے حل کے لیے فوری اقدامات کیے جائیں، شرکاء نے اس موقع پر اپنی تجاویز بھی پیش کیں
بقیہ
32
اجلاس میں مختلف امور پر تفصیلی غور کیا گیا اور متعلقہ حکام کو ہدایات جاری کی گئیں کہ عوامی مسائل کے حل کے لیے فوری اقدامات کیے جائیں، شرکاء نے اس موقع پر اپنی تجاویز بھی پیش کیں اجلاس میں مختلف امور پر تفصیلی غور کیا گیا اور متعلقہ حکام کو ہدایات جاری کی گئیں کہ عوامی مسائل کے حل کے لیے فوری اقدامات کیے جائیں، شرکاء نے اس موقع پر اپنی تجاویز بھی پیش کیں اجلاس میں مختلف امور پر تفصیلی غور کیا گیا اور متعلقہ حکام کو ہدایات جاری کی گئیں کہ عوامی مسائل کے حل کے لیے فوری اقدامات کیے جائیں، شرکاء نے اس موقع پر اپنی تجاویز بھی پیش کیں اجلاس میں مختلف امور پر تفصیلی غور کیا گیا اور متعلقہ حکام کو ہدایات جاری کی گئیں کہ عوامی مسائل کے حل کے لیے فوری اقدامات کیے جائیں، شرکاء نے اس موقع پر اپنی تجاویز بھی پیش کیں اجلاس میں مختلف امور پر تفصیلی غور کیا گیا اور متعلقہ حکام کو ہدایات جاری کی گئیں کہ عوامی مسائل کے حل کے لیے فوری اقدامات کیے جائیں، شرکاء نے اس موقع پر اپنی تجاویز بھی پیش کیں
بقیہ
33
کراچی میں بارش کے بعد شہری علاقوں میں پانی جمع، انتظامیہ نکاسی آب میں مصروف اجلاس میں مختلف امور پر تفصیلی غور کیا گیا اور متعلقہ حکام کو ہدایات جاری کی گئیں کہ عوامی مسائل کے حل کے لیے فوری اقدامات کیے جائیں، شرکاء نے اس موقع پر اپنی تجاویز بھی پیش کیں اجلاس میں مختلف امور پر تفصیلی غور کیا گیا اور متعلقہ حکام کو ہدایات جاری کی گئیں کہ عوامی مسائل کے حل کے لیے فوری اقدامات کیے جائیں، شرکاء نے اس موقع پر اپنی تجاویز بھی پیش کیں اجلاس میں مختلف امور پر تفصیلی غور کیا گیا اور متعلقہ حکام کو ہدایات جاری کی گئیں کہ عوامی مسائل کے حل کے لیے فوری اقدامات کیے جائیں، شرکاء نے اس موقع پر اپنی تجاویز بھی پیش کیں اجلاس میں مختلف امور پر تفصیلی غور کیا گیا اور متعلقہ حکام کو ہدایات جاری کی گئیں کہ عوامی مسائل کے حل کے لیے فوری اقدامات کیے جائیں، شرکاء نے اس موقع پر اپنی تجاویز بھی پیش کیں اجلاس میں مختلف امور پر تفصیلی غور کیا گیا اور متعلقہ حکام کو ہدایات جاری کی گئیں کہ عوامی مسائل کے حل کے لیے فوری اقدامات کیے جائیں، شرکاء نے اس موقع پر اپنی تجاویز بھی پیش کیں اجلاس میں مختلف امور پر تفصیلی غور کیا گیا اور متعلقہ حکام کو ہدایات جاری کی گئیں کہ عوامی مسائل کے حل کے لیے فوری اقدامات کیے جائیں، شرکاء نے اس موقع پر اپنی تجاویز بھی پیش کیں
بقیہ
34
اجلاس میں مختلف امور پر تفصیلی غور کیا گیا اور متعلقہ حکام کو ہدایات جاری کی گئیں کہ عوامی مسائل کے حل کے لیے فوری اقدامات کیے جائیں، شرکاء نے اس موقع پر اپنی تجاویز بھی پیش کیں اجلاس میں مختلف امور پر تفصیلی غور کیا گیا اور متعلقہ حکام کو ہدایات جاری کی گئیں کہ عوامی مسائل کے حل کے لیے فوری اقدامات کیے جائیں، شرکاء نے اس موقع پر اپنی تجاویز بھی پیش کیں اجلاس میں مختلف امور پر تفصیلی غور کیا گیا اور متعلقہ حکام کو ہدایات جاری کی گئیں کہ عوامی مسائل کے حل کے لیے فوری اقدامات کیے جائیں، شرکاء نے اس موقع پر اپنی تجاویز بھی پیش کیں اجلاس میں مختلف امور پر تفصیلی غور کیا گیا اور متعلقہ حکام کو ہدایات جاری کی گئیں کہ عوامی مسائل کے حل کے لیے فوری اقدامات کیے جائیں، شرکاء نے اس موقع پر اپنی تجاویز بھی پیش کیں اجلاس میں مختلف امور پر تفصیلی غور کیا گیا اور متعلقہ حکام کو ہدایات جاری کی گئیں کہ عوامی مسائل کے حل کے لیے فوری اقدامات کیے جائیں، شرکاء نے اس موقع پر اپنی تجاویز بھی پیش کیں اجلاس میں مختلف امور پر تفصیلی غور کیا گیا اور متعلقہ حکام کو ہدایات جاری کی گئیں کہ عوامی مسائل کے حل کے لیے فوری اقدامات کیے جائیں، شرکاء نے اس موقع پر اپنی تجاویز بھی پیش کیں
بقیہ
35
اجلاس میں مختلف امور پر تفصیلی غور کیا گیا اور متعلقہ حکام کو ہدایات جاری کی گئیں کہ عوامی مسائل کے حل کے لیے فوری اقدامات کیے جائیں، شرکاء نے اس موقع پر اپنی تجاویز بھی پیش کیں اجلاس میں مختلف امور پر تفصیلی غور کیا گیا اور متعلقہ حکام کو ہدایات جاری کی گئیں کہ عوامی مسائل کے حل کے لیے فوری اقدامات کیے جائیں، شرکاء نے اس موقع پر اپنی تجاویز بھی پیش کیں اجلاس میں مختلف امور پر تفصیلی غور کیا گیا اور متعلقہ حکام کو ہدایات جاری کی گئیں کہ عوامی مسائل کے حل کے لیے فوری اقدامات کیے جائیں، شرکاء نے اس موقع پر اپنی تجاویز بھی پیش کیں اجلاس میں مختلف امور پر تفصیلی غور کیا گیا اور متعلقہ حکام کو ہدایات جاری کی گئیں کہ عوامی مسائل کے حل کے لیے فوری اقدامات کیے جائیں، شرکاء نے اس موقع پر اپنی تجاویز بھی پیش کیں اجلاس میں مختلف امور پر تفصیلی غور کیا گیا اور متعلقہ حکام کو ہدایات جاری کی گئیں کہ عوامی مسائل کے حل کے لیے فوری اقدامات کیے جائیں، شرکاء نے اس موقع پر اپنی تجاویز بھی پیش کیں اجلاس میں مختلف امور پر تفصیلی غور کیا گیا اور متعلقہ حکام کو ہدایات جاری کی گئیں کہ عوامی مسائل کے حل کے لیے فوری اقدامات کیے جائیں، شرکاء نے اس موقع پر اپنی تجاویز بھی پیش کیں
بقیہ
36
اجلاس میں مختلف امور پر تفصیلی غور کیا گیا اور متعلقہ حکام کو ہدایات جاری کی گئیں کہ عوامی مسائل کے حل کے لیے فوری اقدامات کیے جائیں، شرکاء نے اس موقع پر اپنی تجاویز بھی پیش کیں اجلاس میں مختلف امور پر تفصیلی غور کیا گیا اور متعلقہ حکام کو ہدایات جاری کی گئیں کہ عوامی مسائل کے حل کے لیے فوری اقدامات کیے جائیں، شرکاء نے اس موقع پر اپنی تجاویز بھی پیش کیں اجلاس میں مختلف امور پر تفصیلی غور کیا گیا اور متعلقہ حکام کو ہدایات جاری کی گئیں کہ عوامی مسائل کے حل کے لیے فوری اقدامات کیے جائیں، شرکاء نے اس موقع پر اپنی تجاویز بھی پیش کیں اجلاس میں مختلف امور پر تفصیلی غور کیا گیا اور متعلقہ حکام کو ہدایات جاری کی گئیں کہ عوامی مسائل کے حل کے لیے فوری اقدامات کیے جائیں، شرکاء نے اس موقع پر اپنی تجاویز بھی پیش کیں اجلاس میں مختلف امور پر تفصیلی غور کیا گیا اور متعلقہ حکام کو ہدایات جاری کی گئیں کہ عوامی مسائل کے حل کے لیے فوری اقدامات کیے جائیں، شرکاء نے اس موقع پر اپنی تجاویز بھی پیش کیں اجلاس میں مختلف امور پر تفصیلی غور کیا گیا اور متعلقہ حکام کو ہدایات جاری کی گئیں کہ عوامی مسائل کے حل کے لیے فوری اقدامات کیے جائیں، شرکاء نے اس موقع پر اپنی تجاویز بھی پیش کیں
بقیہ
37
اجلاس میں مختلف امور پر تفصیلی غور کیا گیا اور متعلقہ حکام کو ہدایات جاری کی گئیں کہ عوامی مسائل کے حل کے لیے فوری اقدامات کیے جائیں، شرکاء نے اس موقع پر اپنی تجاویز بھی پیش کیں اجلاس میں مختلف امور پر تفصیلی غور کیا گیا اور متعلقہ حکام کو ہدایات جاری کی گئیں کہ عوامی مسائل کے حل کے لیے فوری اقدامات کیے جائیں، شرکاء نے اس موقع پر اپنی تجاویز بھی پیش کیں اجلاس میں مختلف امور پر تفصیلی غور کیا گیا اور متعلقہ حکام کو ہدایات جاری کی گئیں کہ عوامی مسائل کے حل کے لیے فوری اقدامات کیے جائیں، شرکاء نے اس موقع پر اپنی تجاویز بھی پیش کیں اجلاس میں مختلف امور پر تفصیلی غور کیا گیا اور متعلقہ حکام کو ہدایات جاری کی گئیں کہ عوامی مسائل کے حل کے لیے فوری اقدامات کیے جائیں، شرکاء نے اس موقع پر اپنی تجاویز بھی پیش کیں اجلاس میں مختلف امور پر تفصیلی غور کیا گیا اور متعلقہ حکام کو ہدایات جاری کی گئیں کہ عوامی مسائل کے حل کے لیے فوری اقدامات کیے جائیں، شرکاء نے اس موقع پر اپنی تجاویز بھی پیش کیں اجلاس میں مختلف امور پر تفصیلی غور کیا گیا اور متعلقہ حکام کو ہدایات جاری کی گئیں کہ عوامی مسائل کے حل کے لیے فوری اقدامات کیے جائیں، شرکاء نے اس موقع پر اپنی تجاویز بھی پیش کیں
بقیہ
38
اجلاس میں مختلف امور پر تفصیلی غور کیا گیا اور متعلقہ حکام کو ہدایات جاری کی گئیں کہ عوامی مسائل کے حل کے لیے فوری اقدامات کیے جائیں، شرکاء نے اس موقع پر اپنی تجاویز بھی پیش کیں اجلاس میں مختلف امور پر تفصیلی غور کیا گیا اور متعلقہ حکام کو ہدایات جاری کی گئیں کہ عوامی مسائل کے حل کے لیے فوری اقدامات کیے جائیں، شرکاء نے اس موقع پر اپنی تجاویز بھی پیش کیں اجلاس میں مختلف امور پر تفصیلی غور کیا گیا اور متعلقہ حکام کو ہدایات جاری کی گئیں کہ عوامی مسائل کے حل کے لیے فوری اقدامات کیے جائیں، شرکاء نے اس موقع پر اپنی تجاویز بھی پیش کیں اجلاس میں مختلف امور پر تفصیلی غور کیا گیا اور متعلقہ حکام کو ہدایات جاری کی گئیں کہ عوامی مسائل کے حل کے لیے فوری اقدامات کیے جائیں، شرکاء نے اس موقع پر اپنی تجاویز بھی پیش کیں اجلاس میں مختلف امور پر تفصیلی غور کیا گیا اور متعلقہ حکام کو ہدایات جاری کی گئیں کہ عوامی مسائل کے حل کے لیے فوری اقدامات کیے جائیں، شرکاء نے اس موقع پر اپنی تجاویز بھی پیش کیں اجلاس میں مختلف امور پر تفصیلی غور کیا گیا اور متعلقہ حکام کو ہدایات جاری کی گئیں کہ عوامی مسائل کے حل کے لیے فوری اقدامات کیے جائیں، شرکاء نے اس موقع پر اپنی تجاویز بھی پیش کیں
بقیہ
39
اجلاس میں مختلف امور پر تفصیلی غور کیا گیا اور متعلقہ حکام کو ہدایات جاری کی گئیں کہ عوامی مسائل کے حل کے لیے فوری اقدامات کیے جائیں، شرکاء نے اس موقع پر اپنی تجاویز بھی پیش کیں اجلاس میں مختلف امور پر تفصیلی غور کیا گیا اور متعلقہ حکام کو ہدایات جاری کی گئیں کہ عوامی مسائل کے حل کے لیے فوری اقدامات کیے جائیں، شرکاء نے اس موقع پر اپنی تجاویز بھی پیش کیں اجلاس میں مختلف امور پر تفصیلی غور کیا گیا اور متعلقہ حکام کو ہدایات جاری کی گئیں کہ عوامی مسائل کے حل کے لیے فوری اقدامات کیے جائیں، شرکاء نے اس موقع پر اپنی تجاویز بھی پیش کیں اجلاس میں مختلف امور پر تفصیلی غور کیا گیا اور متعلقہ حکام کو ہدایات جاری کی گئیں کہ عوامی مسائل کے حل کے لیے فوری اقدامات کیے جائیں، شرکاء نے اس موقع پر اپنی تجاویز بھی پیش کیں اجلاس میں مختلف امور پر تفصیلی غور کیا گیا اور متعلقہ حکام کو ہدایات جاری کی گئیں کہ عوامی مسائل کے حل کے لیے فوری اقدامات کیے جائیں، شرکاء نے اس موقع پر اپنی تجاویز بھی پیش کیں اجلاس میں مختلف امور پر تفصیلی غور کیا گیا اور متعلقہ حکام کو ہدایات جاری کی گئیں کہ عوامی مسائل کے حل کے لیے فوری اقدامات کیے جائیں، شرکاء نے اس موقع پر اپنی تجاویز بھی پیش کیں
بقیہ
40
اجلاس میں مختلف امور پر تفصیلی غور کیا گیا اور متعلقہ حکام کو ہدایات جاری کی گئیں کہ عوامی مسائل کے حل کے لیے فوری اقدامات کیے جائیں، شرکاء نے اس موقع پر اپنی تجاویز بھی پیش کیں اجلاس میں مختلف امور پر تفصیلی غور کیا گیا اور متعلقہ حکام کو ہدایات جاری کی گئیں کہ عوامی مسائل کے حل کے لیے فوری اقدامات کیے جائیں، شرکاء نے اس موقع پر اپنی تجاویز بھی پیش کیں اجلاس میں مختلف امور پر تفصیلی غور کیا گیا اور متعلقہ حکام کو ہدایات جاری کی گئیں کہ عوامی مسائل کے حل کے لیے فوری اقدامات کیے جائیں، شرکاء نے اس موقع پر اپنی تجاویز بھی پیش کیں اجلاس میں مختلف امور پر تفصیلی غور کیا گیا اور متعلقہ حکام کو ہدایات جاری کی گئیں کہ عوامی مسائل کے حل کے لیے فوری اقدامات کیے جائیں، شرکاء نے اس موقع پر اپنی تجاویز بھی پیش کیں اجلاس میں مختلف امور پر تفصیلی غور کیا گیا اور متعلقہ حکام کو ہدایات جاری کی گئیں کہ عوامی مسائل کے حل کے لیے فوری اقدامات کیے جائیں، شرکاء نے اس موقع پر اپنی تجاویز بھی پیش کیں اجلاس میں مختلف امور پر تفصیلی غور کیا گیا اور متعلقہ حکام کو ہدایات جاری کی گئیں کہ عوامی مسائل کے حل کے لیے فوری اقدامات کیے جائیں، شرکاء نے اس موقع پر اپنی تجاویز بھی پیش کیں
بقیہ
41
ستمبر 2026 تک منصوبہ مکمل کرنے کا اعلان، 19 ستمبر کو اجلاس طلب اجلاس میں مختلف امور پر تفصیلی غور کیا گیا اور متعلقہ حکام کو ہدایات جاری کی گئیں کہ عوامی مسائل کے حل کے لیے فوری اقدامات کیے جائیں، شرکاء نے اس موقع پر اپنی تجاویز بھی پیش کیں اجلاس میں مختلف امور پر تفصیلی غور کیا گیا اور متعلقہ حکام کو ہدایات جاری کی گئیں کہ عوامی مسائل کے حل کے لیے فوری اقدامات کیے جائیں، شرکاء نے اس موقع پر اپنی تجاویز بھی پیش کیں اجلاس میں مختلف امور پر تفصیلی غور کیا گیا اور متعلقہ حکام کو ہدایات جاری کی گئیں کہ عوامی مسائل کے حل کے لیے فوری اقدامات کیے جائیں، شرکاء نے اس موقع پر اپنی تجاویز بھی پیش کیں اجلاس میں مختلف امور پر تفصیلی غور کیا گیا اور متعلقہ حکام کو ہدایات جاری کی گئیں کہ عوامی مسائل کے حل کے لیے فوری اقدامات کیے جائیں، شرکاء نے اس موقع پر اپنی تجاویز بھی پیش کیں
بقیہ
42
اجلاس میں مختلف امور پر تفصیلی غور کیا گیا اور متعلقہ حکام کو ہدایات جاری کی گئیں کہ عوامی مسائل کے حل کے لیے فوری اقدامات کیے جائیں، شرکاء نے اس موقع پر اپنی تجاویز بھی پیش کیں اجلاس میں مختلف امور پر تفصیلی غور کیا گیا اور متعلقہ حکام کو ہدایات جاری کی گئیں کہ عوامی مسائل کے حل کے لیے فوری اقدامات کیے جائیں، شرکاء نے اس موقع پر اپنی تجاویز بھی پیش کیں اجلاس میں مختلف امور پر تفصیلی غور کیا گیا اور متعلقہ حکام کو ہدایات جاری کی گئیں کہ عوامی مسائل کے حل کے لیے فوری اقدامات کیے جائیں، شرکاء نے اس موقع پر اپنی تجاویز بھی پیش کیں اجلاس میں مختلف امور پر تفصیلی غور کیا گیا اور متعلقہ حکام کو ہدایات جاری کی گئیں کہ عوامی مسائل کے حل کے لیے فوری اقدامات کیے جائیں، شرکاء نے اس موقع پر اپنی تجاویز بھی پیش کیں
بقیہ
43
اجلاس میں مختلف امور پر تفصیلی غور کیا گیا اور متعلقہ حکام کو ہدایات جاری کی گئیں کہ عوامی مسائل کے حل کے لیے فوری اقدامات کیے جائیں، شرکاء نے اس موقع پر اپنی تجاویز بھی پیش کیں اجلاس میں مختلف امور پر تفصیلی غور کیا گیا اور متعلقہ حکام کو ہدایات جاری کی گئیں کہ عوامی مسائل کے حل کے لیے فوری اقدامات کیے جائیں، شرکاء نے اس موقع پر اپنی تجاویز بھی پیش کیں اجلاس میں مختلف امور پر تفصیلی غور کیا گیا اور متعلقہ حکام کو ہدایات جاری کی گئیں کہ عوامی مسائل کے حل کے لیے فوری اقدامات کیے جائیں، شرکاء نے اس موقع پر اپنی تجاویز بھی پیش کیں اجلاس میں مختلف امور پر تفصیلی غور کیا گیا اور متعلقہ حکام کو ہدایات جاری کی گئیں کہ عوامی مسائل کے حل کے لیے فوری اقدامات کیے جائیں، شرکاء نے اس موقع پر اپنی تجاویز بھی پیش کیں
بقیہ
44
اجلاس میں مختلف امور پر تفصیلی غور کیا گیا اور متعلقہ حکام کو ہدایات جاری کی گئیں کہ عوامی مسائل کے حل کے لیے فوری اقدامات کیے جائیں، شرکاء نے اس موقع پر اپنی تجاویز بھی پیش کیں اجلاس میں مختلف امور پر تفصیلی غور کیا گیا اور متعلقہ حکام کو ہدایات جاری کی گئیں کہ عوامی مسائل کے حل کے لیے فوری اقدامات کیے جائیں، شرکاء نے اس موقع پر اپنی تجاویز بھی پیش کیں اجلاس میں مختلف امور پر تفصیلی غور کیا گیا اور متعلقہ حکام کو ہدایات جاری کی گئیں کہ عوامی مسائل کے حل کے لیے فوری اقدامات کیے جائیں، شرکاء نے اس موقع پر اپنی تجاویز بھی پیش کیں اجلاس میں مختلف امور پر تفصیلی غور کیا گیا اور متعلقہ حکام کو ہدایات جاری کی گئیں کہ عوامی مسائل کے حل کے لیے فوری اقدامات کیے جائیں، شرکاء نے اس موقع پر اپنی تجاویز بھی پیش کیں
بقیہ
45
pmfuelrelief.pk اجلاس میں مختلف امور پر تفصیلی غور کیا گیا اور متعلقہ حکام کو ہدایات جاری کی گئیں کہ عوامی مسائل کے حل کے لیے فوری اقدامات کیے جائیں، شرکاء نے اس موقع پر اپنی تجاویز بھی پیش کیں اجلاس میں مختلف امور پر تفصیلی غور کیا گیا اور متعلقہ حکام کو ہدایات جاری کی گئیں کہ عوامی مسائل کے حل کے لیے فوری اقدامات کیے جائیں، شرکاء نے اس موقع پر اپنی تجاویز بھی پیش کیں اجلاس میں مختلف امور پر تفصیلی غور کیا گیا اور متعلقہ حکام کو ہدایات جاری کی گئیں کہ عوامی مسائل کے حل کے لیے فوری اقدامات کیے جائیں، شرکاء نے اس موقع پر اپنی تجاویز بھی پیش کیں اجلاس میں مختلف امور پر تفصیلی غور کیا گیا اور متعلقہ حکام کو ہدایات جاری کی گئیں کہ عوامی مسائل کے حل کے لیے فوری اقدامات کیے جائیں، شرکاء نے اس موقع پر اپنی تجاویز بھی پیش کیں
بقیہ
46
اجلاس میں مختلف امور پر تفصیلی غور کیا گیا اور متعلقہ حکام کو ہدایات جاری کی گئیں کہ عوامی مسائل کے حل کے لیے فوری اقدامات کیے جائیں، شرکاء نے اس موقع پر اپنی تجاویز بھی پیش کیں اجلاس میں مختلف امور پر تفصیلی غور کیا گیا اور متعلقہ حکام کو ہدایات جاری کی گئیں کہ عوامی مسائل کے حل کے لیے فوری اقدامات کیے جائیں، شرکاء نے اس موقع پر اپنی تجاویز بھی پیش کیں اجلاس میں مختلف امور پر تفصیلی غور کیا گیا اور متعلقہ حکام کو ہدایات جاری کی گئیں کہ عوامی مسائل کے حل کے لیے فوری اقدامات کیے جائیں، شرکاء نے اس موقع پر اپنی تجاویز بھی پیش کیں اجلاس میں مختلف امور پر تفصیلی غور کیا گیا اور متعلقہ حکام کو ہدایات جاری کی گئیں کہ عوامی مسائل کے حل کے لیے فوری اقدامات کیے جائیں، شرکاء نے اس موقع پر اپنی تجاویز بھی پیش کیں
بقیہ
47
اجلاس میں مختلف امور پر تفصیلی غور کیا گیا اور متعلقہ حکام کو ہدایات جاری کی گئیں کہ عوامی مسائل کے حل کے لیے فوری اقدامات کیے جائیں، شرکاء نے اس موقع پر اپنی تجاویز بھی پیش کیں اجلاس میں مختلف امور پر تفصیلی غور کیا گیا اور متعلقہ حکام کو ہدایات جاری کی گئیں کہ عوامی مسائل کے حل کے لیے فوری اقدامات کیے جائیں، شرکاء نے اس موقع پر اپنی تجاویز بھی پیش کیں اجلاس میں مختلف امور پر تفصیلی غور کیا گیا اور متعلقہ حکام کو ہدایات جاری کی گئیں کہ عوامی مسائل کے حل کے لیے فوری اقدامات کیے جائیں، شرکاء نے اس موقع پر اپنی تجاویز بھی پیش کیں اجلاس میں مختلف امور پر تفصیلی غور کیا گیا اور متعلقہ حکام کو ہدایات جاری کی گئیں کہ عوامی مسائل کے حل کے لیے فوری اقدامات کیے جائیں، شرکاء نے اس موقع پر اپنی تجاویز بھی پیش کیں
بقیہ
48
اجلاس میں مختلف امور پر تفصیلی غور کیا گیا اور متعلقہ حکام کو ہدایات جاری کی گئیں کہ عوامی مسائل کے حل کے لیے فوری اقدامات کیے جائیں، شرکاء نے اس موقع پر اپنی تجاویز بھی پیش کیں اجلاس میں مختلف امور پر تفصیلی غور کیا گیا اور متعلقہ حکام کو ہدایات جاری کی گئیں کہ عوامی مسائل کے حل کے لیے فوری اقدامات کیے جائیں، شرکاء نے اس موقع پر اپنی تجاویز بھی پیش کیں اجلاس میں مختلف امور پر تفصیلی غور کیا گیا اور متعلقہ حکام کو ہدایات جاری کی گئیں کہ عوامی مسائل کے حل کے لیے فوری اقدامات کیے جائیں، شرکاء نے اس موقع پر اپنی تجاویز بھی پیش کیں اجلاس میں مختلف امور پر تفصیلی غور کیا گیا اور متعلقہ حکام کو ہدایات جاری کی گئیں کہ عوامی مسائل کے حل کے لیے فوری اقدامات کیے جائیں، شرکاء نے اس موقع پر اپنی تجاویز بھی پیش کیں
بقیہ
49
اجلاس میں مختلف امور پر تفصیلی غور کیا گیا اور متعلقہ حکام کو ہدایات جاری کی گئیں کہ عوامی مسائل کے حل کے لیے فوری اقدامات کیے جائیں، شرکاء نے اس موقع پر اپنی تجاویز بھی پیش کیں اجلاس میں مختلف امور پر تفصیلی غور کیا گیا اور متعلقہ حکام کو ہدایات جاری کی گئیں کہ عوامی مسائل کے حل کے لیے فوری اقدامات کیے جائیں، شرکاء نے اس موقع پر اپنی تجاویز بھی پیش کیں اجلاس میں مختلف امور پر تفصیلی غور کیا گیا اور متعلقہ حکام کو ہدایات جاری کی گئیں کہ عوامی مسائل کے حل کے لیے فوری اقدامات کیے جائیں، شرکاء نے اس موقع پر اپنی تجاویز بھی پیش کیں اجلاس میں مختلف امور پر تفصیلی غور کیا گیا اور متعلقہ حکام کو ہدایات جاری کی گئیں کہ عوامی مسائل کے حل کے لیے فوری اقدامات کیے جائیں، شرکاء نے اس موقع پر اپنی تجاویز بھی پیش کیں
بقیہ
50
اجلاس میں مختلف امور پر تفصیلی غور کیا گیا اور متعلقہ حکام کو ہدایات جاری کی گئیں کہ عوامی مسائل کے حل کے لیے فوری اقدامات کیے جائیں، شرکاء نے اس موقع پر اپنی تجاویز بھی پیش کیں اجلاس میں مختلف امور پر تفصیلی غور کیا گیا اور متعلقہ حکام کو ہدایات جاری کی گئیں کہ عوامی مسائل کے حل کے لیے فوری اقدامات کیے جائیں، شرکاء نے اس موقع پر اپنی تجاویز بھی پیش کیں اجلاس میں مختلف امور پر تفصیلی غور کیا گیا اور متعلقہ حکام کو ہدایات جاری کی گئیں کہ عوامی مسائل کے حل کے لیے فوری اقدامات کیے جائیں، شرکاء نے اس موقع پر اپنی تجاویز بھی پیش کیں اجلاس میں مختلف امور پر تفصیلی غور کیا گیا اور متعلقہ حکام کو ہدایات جاری کی گئیں کہ عوامی مسائل کے حل کے لیے فوری اقدامات کیے جائیں، شرکاء نے اس موقع پر اپنی تجاویز بھی پیش کیں
بقیہ
51
اجلاس میں مختلف امور پر تفصیلی غور کیا گیا اور متعلقہ حکام کو ہدایات جاری کی گئیں کہ عوامی مسائل کے حل کے لیے فوری اقدامات کیے جائیں، شرکاء نے اس موقع پر اپنی تجاویز بھی پیش کیں اجلاس میں مختلف امور پر تفصیلی غور کیا گیا اور متعلقہ حکام کو ہدایات جاری کی گئیں کہ عوامی مسائل کے حل کے لیے فوری اقدامات کیے جائیں، شرکاء نے اس موقع پر اپنی تجاویز بھی پیش کیں اجلاس میں مختلف امور پر تفصیلی غور کیا گیا اور متعلقہ حکام کو ہدایات جاری کی گئیں کہ عوامی مسائل کے حل کے لیے فوری اقدامات کیے جائیں، شرکاء نے اس موقع پر اپنی تجاویز بھی پیش کیں اجلاس میں مختلف امور پر تفصیلی غور کیا گیا اور متعلقہ حکام کو ہدایات جاری کی گئیں کہ عوامی مسائل کے حل کے لیے فوری اقدامات کیے جائیں، شرکاء نے اس موقع پر اپنی تجاویز بھی پیش کیں
بقیہ
52
اجلاس میں مختلف امور پر تفصیلی غور کیا گیا اور متعلقہ حکام کو ہدایات جاری کی گئیں کہ عوامی مسائل کے حل کے لیے فوری اقدامات کیے جائیں، شرکاء نے اس موقع پر اپنی تجاویز بھی پیش کیں اجلاس میں مختلف امور پر تفصیلی غور کیا گیا اور متعلقہ حکام کو ہدایات جاری کی گئیں کہ عوامی مسائل کے حل کے لیے فوری اقدامات کیے جائیں، شرکاء نے اس موقع پر اپنی تجاویز بھی پیش کیں اجلاس میں مختلف امور پر تفصیلی غور کیا گیا اور متعلقہ حکام کو ہدایات جاری کی گئیں کہ عوامی مسائل کے حل کے لیے فوری اقدامات کیے جائیں، شرکاء نے اس موقع پر اپنی تجاویز بھی پیش کیں اجلاس میں مختلف امور پر تفصیلی غور کیا گیا اور متعلقہ حکام کو ہدایات جاری کی گئیں کہ عوامی مسائل کے حل کے لیے فوری اقدامات کیے جائیں، شرکاء نے اس موقع پر اپنی تجاویز بھی پیش کیں
بقیہ	53
عالمی منڈی میں تیل کی قیمتوں میں کمی کے بعد حکومت نے ریلیف دینے کا فیصلہ کیا اجلاس میں مختلف امور پر تفصیلی غور کیا گیا اور متعلقہ حکام کو ہدایات جاری کی گئیں کہ عوامی مسائل کے حل کے لیے فوری اقدامات کیے جائیں، شرکاء نے اس موقع پر اپنی تجاویز بھی پیش کیں اجلاس میں مختلف امور پر تفصیلی غور کیا گیا اور متعلقہ حکام کو ہدایات جاری کی گئیں کہ عوامی مسائل کے حل کے لیے فوری اقدامات کیے جائیں، شرکاء نے اس موقع پر اپنی تجاویز بھی پیش کیں اجلاس میں مختلف امور پر تفصیلی غور کیا گیا اور متعلقہ حکام کو ہدایات جاری کی گئیں کہ عوامی مسائل کے حل کے لیے فوری اقدامات کیے جائیں، شرکاء نے اس موقع پر اپنی تجاویز بھی پیش کیں
بقیہ	54
اجلاس میں مختلف امور پر تفصیلی غور کیا گیا اور متعلقہ حکام کو ہدایات جاری کی گئیں کہ عوامی مسائل کے حل کے لیے فوری اقدامات کیے جائیں، شرکاء نے اس موقع پر اپنی تجاویز بھی پیش کیں اجلاس میں مختلف امور پر تفصیلی غور کیا گیا اور متعلقہ حکام کو ہدایات جاری کی گئیں کہ عوامی مسائل کے حل کے لیے فوری اقدامات کیے جائیں، شرکاء نے اس موقع پر اپنی تجاویز بھی پیش کیں اجلاس میں مختلف امور پر تفصیلی غور کیا گیا اور متعلقہ حکام کو ہدایات جاری کی گئیں کہ عوامی مسائل کے حل کے لیے فوری اقدامات کیے جائیں، شرکاء نے اس موقع پر اپنی تجاویز بھی پیش کیں
بقیہ	55
اجلاس میں مختلف امور پر تفصیلی غور کیا گیا اور متعلقہ حکام کو ہدایات جاری کی گئیں کہ عوامی مسائل کے حل کے لیے فوری اقدامات کیے جائیں، شرکاء نے اس موقع پر اپنی تجاویز بھی پیش کیں اجلاس میں مختلف امور پر تفصیلی غور کیا گیا اور متعلقہ حکام کو ہدایات جاری کی گئیں کہ عوامی مسائل کے حل کے لیے فوری اقدامات کیے جائیں، شرکاء نے اس موقع پر اپنی تجاویز بھی پیش کیں اجلاس میں مختلف امور پر تفصیلی غور کیا گیا اور متعلقہ حکام کو ہدایات جاری کی گئیں کہ عوامی مسائل کے حل کے لیے فوری اقدامات کیے جائیں، شرکاء نے اس موقع پر اپنی تجاویز بھی پیش کیں
بقیہ	56
اجلاس میں مختلف امور پر تفصیلی غور کیا گیا اور متعلقہ حکام کو ہدایات جاری کی گئیں کہ عوامی مسائل کے حل کے لیے فوری اقدامات کیے جائیں، شرکاء نے اس موقع پر اپنی تجاویز بھی پیش کیں اجلاس میں مختلف امور پر تفصیلی غور کیا گیا اور متعلقہ حکام کو ہدایات جاری کی گئیں کہ عوامی مسائل کے حل کے لیے فوری اقدامات کیے جائیں، شرکاء نے اس موقع پر اپنی تجاویز بھی پیش کیں اجلاس میں مختلف امور پر تفصیلی غور کیا گیا اور متعلقہ حکام کو ہدایات جاری کی گئیں کہ عوامی مسائل کے حل کے لیے فوری اقدامات کیے جائیں، شرکاء نے اس موقع پر اپنی تجاویز بھی پیش کیں
بقیہ	57
اجلاس میں مختلف امور پر تفصیلی غور کیا گیا اور متعلقہ حکام کو ہدایات جاری کی گئیں کہ عوامی مسائل کے حل کے لیے فوری اقدامات کیے جائیں، شرکاء نے اس موقع پر اپنی تجاویز بھی پیش کیں اجلاس میں مختلف امور پر تفصیلی غور کیا گیا اور متعلقہ حکام کو ہدایات جاری کی گئیں کہ عوامی مسائل کے حل کے لیے فوری اقدامات کیے جائیں، شرکاء نے اس موقع پر اپنی تجاویز بھی پیش کیں اجلاس میں مختلف امور پر تفصیلی غور کیا گیا اور متعلقہ حکام کو ہدایات جاری کی گئیں کہ عوامی مسائل کے حل کے لیے فوری اقدامات کیے جائیں، شرکاء نے اس موقع پر اپنی تجاویز بھی پیش کیں
بقیہ	58
اجلاس میں مختلف امور پر تفصیلی غور کیا گیا اور متعلقہ حکام کو ہدایات جاری کی گئیں کہ عوامی مسائل کے حل کے لیے فوری اقدامات کیے جائیں، شرکاء نے اس موقع پر اپنی تجاویز بھی پیش کیں اجلاس میں مختلف امور پر تفصیلی غور کیا گیا اور متعلقہ حکام کو ہدایات جاری کی گئیں کہ عوامی مسائل کے حل کے لیے فوری اقدامات کیے جائیں، شرکاء نے اس موقع پر اپنی تجاویز بھی پیش کیں اجلاس میں مختلف امور پر تفصیلی غور کیا گیا اور متعلقہ حکام کو ہدایات جاری کی گئیں کہ عوامی مسائل کے حل کے لیے فوری اقدامات کیے جائیں، شرکاء نے اس موقع پر اپنی تجاویز بھی پیش کیں
بقیہ	59
اجلاس میں مختلف امور پر تفصیلی غور کیا گیا اور متعلقہ حکام کو ہدایات جاری کی گئیں کہ عوامی مسائل کے حل کے لیے فوری اقدامات کیے جائیں، شرکاء نے اس موقع پر اپنی تجاویز بھی پیش کیں اجلاس میں مختلف امور پر تفصیلی غور کیا گیا اور متعلقہ حکام کو ہدایات جاری کی گئیں کہ عوامی مسائل کے حل کے لیے فوری اقدامات کیے جائیں، شرکاء نے اس موقع پر اپنی تجاویز بھی پیش کیں اجلاس میں مختلف امور پر تفصیلی غور کیا گیا اور متعلقہ حکام کو ہدایات جاری کی گئیں کہ عوامی مسائل کے حل کے لیے فوری اقدامات کیے جائیں، شرکاء نے اس موقع پر اپنی تجاویز بھی پیش کیں
بقیہ	60
اجلاس میں مختلف امور پر تفصیلی غور کیا گیا اور متعلقہ حکام کو ہدایات جاری کی گئیں کہ عوامی مسائل کے حل کے لیے فوری اقدامات کیے جائیں، شرکاء نے اس موقع پر اپنی تجاویز بھی پیش کیں اجلاس میں مختلف امور پر تفصیلی غور کیا گیا اور متعلقہ حکام کو ہدایات جاری کی گئیں کہ عوامی مسائل کے حل کے لیے فوری اقدامات کیے جائیں، شرکاء نے اس موقع پر اپنی تجاویز بھی پیش کیں اجلاس میں مختلف امور پر تفصیلی غور کیا گیا اور متعلقہ حکام کو ہدایات جاری کی گئیں کہ عوامی مسائل کے حل کے لیے فوری اقدامات کیے جائیں، شرکاء نے اس موقع پر اپنی تجاویز بھی پیش کیں
بقیہ	61
اجلاس میں مختلف امور پر تفصیلی غور کیا گیا اور متعلقہ حکام کو ہدایات جاری کی گئیں کہ عوامی مسائل کے حل کے لیے فوری اقدامات کیے جائیں، شرکاء نے اس موقع پر اپنی تجاویز بھی پیش کیں اجلاس میں مختلف امور پر تفصیلی غور کیا گیا اور متعلقہ حکام کو ہدایات جاری کی گئیں کہ عوامی مسائل کے حل کے لیے فوری اقدامات کیے جائیں، شرکاء نے اس موقع پر اپنی تجاویز بھی پیش کیں اجلاس میں مختلف امور پر تفصیلی غور کیا گیا اور متعلقہ حکام کو ہدایات جاری کی گئیں کہ عوامی مسائل کے حل کے لیے فوری اقدامات کیے جائیں، شرکاء نے اس موقع پر اپنی تجاویز بھی پیش کیں
بقیہ	62
اجلاس میں مختلف امور پر تفصیلی غور کیا گیا اور متعلقہ حکام کو ہدایات جاری کی گئیں کہ عوامی مسائل کے حل کے لیے فوری اقدامات کیے جائیں، شرکاء نے اس موقع پر اپنی تجاویز بھی پیش کیں اجلاس میں مختلف امور پر تفصیلی غور کیا گیا اور متعلقہ حکام کو ہدایات جاری کی گئیں کہ عوامی مسائل کے حل کے لیے فوری اقدامات کیے جائیں، شرکاء نے اس موقع پر اپنی تجاویز بھی پیش کیں اجلاس میں مختلف امور پر تفصیلی غور کیا گیا اور متعلقہ حکام کو ہدایات جاری کی گئیں کہ عوامی مسائل کے حل کے لیے فوری اقدامات کیے جائیں، شرکاء نے اس موقع پر اپنی تجاویز بھی پیش کیں
بقیہ	63
اجلاس میں مختلف امور پر تفصیلی غور کیا گیا اور متعلقہ حکام کو ہدایات جاری کی گئیں کہ عوامی مسائل کے حل کے لیے فوری اقدامات کیے جائیں، شرکاء نے اس موقع پر اپنی تجاویز بھی پیش کیں اجلاس میں مختلف امور پر تفصیلی غور کیا گیا اور متعلقہ حکام کو ہدایات جاری کی گئیں کہ عوامی مسائل کے حل کے لیے فوری اقدامات کیے جائیں، شرکاء نے اس موقع پر اپنی تجاویز بھی پیش کیں اجلاس میں مختلف امور پر تفصیلی غور کیا گیا اور متعلقہ حکام کو ہدایات جاری کی گئیں کہ عوامی مسائل کے حل کے لیے فوری اقدامات کیے جائیں، شرکاء نے اس موقع پر اپنی تجاویز بھی پیش کیں
بقیہ	64
اجلاس میں مختلف امور پر تفصیلی غور کیا گیا اور متعلقہ حکام کو ہدایات جاری کی گئیں کہ عوامی مسائل کے حل کے لیے فوری اقدامات کیے جائیں، شرکاء نے اس موقع پر اپنی تجاویز بھی پیش کیں اجلاس میں مختلف امور پر تفصیلی غور کیا گیا اور متعلقہ حکام کو ہدایات جاری کی گئیں کہ عوامی مسائل کے حل کے لیے فوری اقدامات کیے جائیں، شرکاء نے اس موقع پر اپنی تجاویز بھی پیش کیں اجلاس میں مختلف امور پر تفصیلی غور کیا گیا اور متعلقہ حکام کو ہدایات جاری کی گئیں کہ عوامی مسائل کے حل کے لیے فوری اقدامات کیے جائیں، شرکاء نے اس موقع پر اپنی تجاویز بھی پیش کیں
بقیہ	65
اجلاس میں مختلف امور پر تفصیلی غور کیا گیا اور متعلقہ حکام کو ہدایات جاری کی گئیں کہ عوامی مسائل کے حل کے لیے فوری اقدامات کیے جائیں، شرکاء نے اس موقع پر اپنی تجاویز بھی پیش کیں اجلاس میں مختلف امور پر تفصیلی غور کیا گیا اور متعلقہ حکام کو ہدایات جاری کی گئیں کہ عوامی مسائل کے حل کے لیے فوری اقدامات کیے جائیں، شرکاء نے اس موقع پر اپنی تجاویز بھی پیش کیں اجلاس میں مختلف امور پر تفصیلی غور کیا گیا اور متعلقہ حکام کو ہدایات جاری کی گئیں کہ عوامی مسائل کے حل کے لیے فوری اقدامات کیے جائیں، شرکاء نے اس موقع پر اپنی تجاویز بھی پیش کیں
بقیہ	66
اجلاس میں مختلف امور پر تفصیلی غور کیا گیا اور متعلقہ حکام کو ہدایات جاری کی گئیں کہ عوامی مسائل کے حل کے لیے فوری اقدامات کیے جائیں، شرکاء نے اس موقع پر اپنی تجاویز بھی پیش کیں اجلاس میں مختلف امور پر تفصیلی غور کیا گیا اور متعلقہ حکام کو ہدایات جاری کی گئیں کہ عوامی مسائل کے حل کے لیے فوری اقدامات کیے جائیں، شرکاء نے اس موقع پر اپنی تجاویز بھی پیش کیں اجلاس میں مختلف امور پر تفصیلی غور کیا گیا اور متعلقہ حکام کو ہدایات جاری کی گئیں کہ عوامی مسائل کے حل کے لیے فوری اقدامات کیے جائیں، شرکاء نے اس موقع پر اپنی تجاویز بھی پیش کیں
بقیہ	67
اجلاس میں مختلف امور پر تفصیلی غور کیا گیا اور متعلقہ حکام کو ہدایات جاری کی گئیں کہ عوامی مسائل کے حل کے لیے فوری اقدامات کیے جائیں، شرکاء نے اس موقع پر اپنی تجاویز بھی پیش کیں اجلاس میں مختلف امور پر تفصیلی غور کیا گیا اور متعلقہ حکام کو ہدایات جاری کی گئیں کہ عوامی مسائل کے حل کے لیے فوری اقدامات کیے جائیں، شرکاء نے اس موقع پر اپنی تجاویز بھی پیش کیں اجلاس میں مختلف امور پر تفصیلی غور کیا گیا اور متعلقہ حکام کو ہدایات جاری کی گئیں کہ عوامی مسائل کے حل کے لیے فوری اقدامات کیے جائیں، شرکاء نے اس موقع پر اپنی تجاویز بھی پیش کیں
بقیہ	68
اجلاس میں مختلف امور پر تفصیلی غور کیا گیا اور متعلقہ حکام کو ہدایات جاری کی گئیں کہ عوامی مسائل کے حل کے لیے فوری اقدامات کیے جائیں، شرکاء نے اس موقع پر اپنی تجاویز بھی پیش کیں اجلاس میں مختلف امور پر تفصیلی غور کیا گیا اور متعلقہ حکام کو ہدایات جاری کی گئیں کہ عوامی مسائل کے حل کے لیے فوری اقدامات کیے جائیں، شرکاء نے اس موقع پر اپنی تجاویز بھی پیش کیں اجلاس میں مختلف امور پر تفصیلی غور کیا گیا اور متعلقہ حکام کو ہدایات جاری کی گئیں کہ عوامی مسائل کے حل کے لیے فوری اقدامات کیے جائیں، شرکاء نے اس موقع پر اپنی تجاویز بھی پیش کیں
بقیہ	69
اجلاس میں مختلف امور پر تفصیلی غور کیا گیا اور متعلقہ حکام کو ہدایات جاری کی گئیں کہ عوامی مسائل کے حل کے لیے فوری اقدامات کیے جائیں، شرکاء نے اس موقع پر اپنی تجاویز بھی پیش کیں اجلاس میں مختلف امور پر تفصیلی غور کیا گیا اور متعلقہ حکام کو ہدایات جاری کی گئیں کہ عوامی مسائل کے حل کے لیے فوری اقدامات کیے جائیں، شرکاء نے اس موقع پر اپنی تجاویز بھی پیش کیں اجلاس میں مختلف امور پر تفصیلی غور کیا گیا اور متعلقہ حکام کو ہدایات جاری کی گئیں کہ عوامی مسائل کے حل کے لیے فوری اقدامات کیے جائیں، شرکاء نے اس موقع پر اپنی تجاویز بھی پیش کیں
